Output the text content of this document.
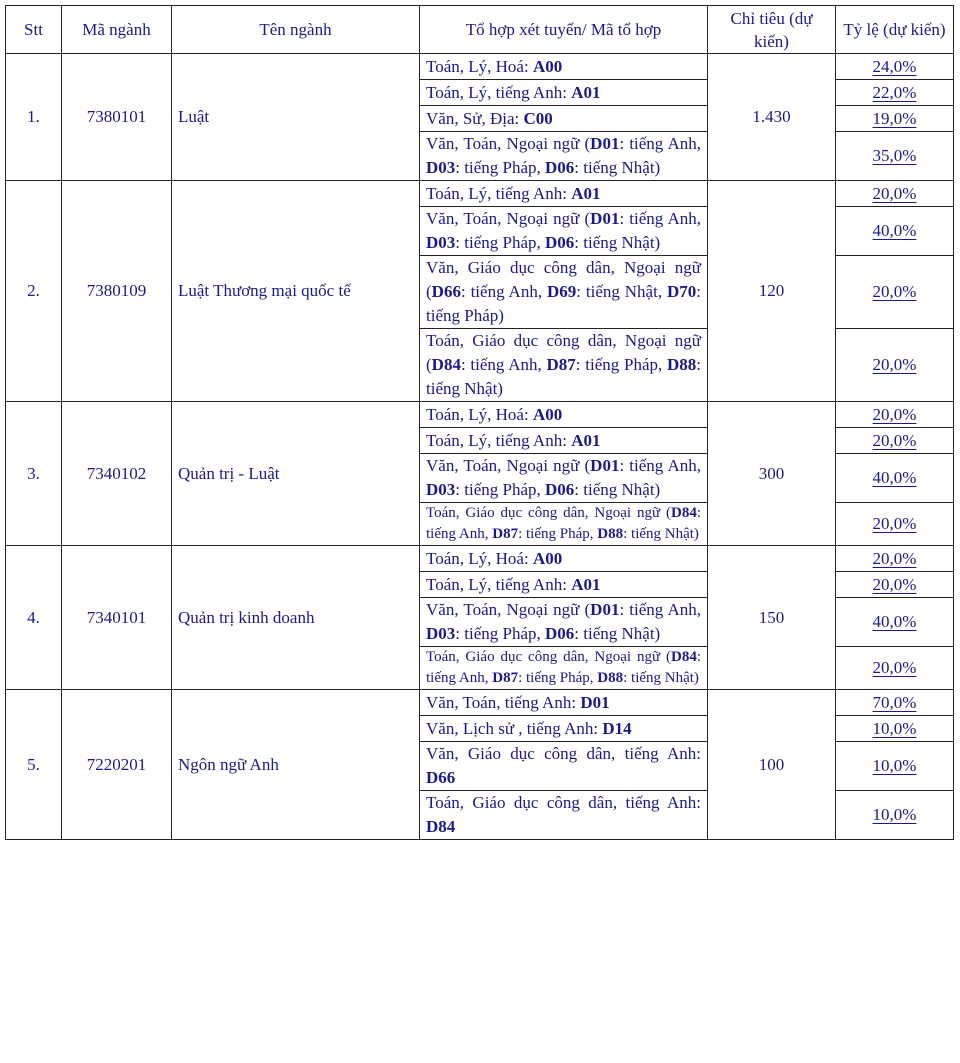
Stt	Mã ngành	Tên ngành	Tổ hợp xét tuyển/ Mã tổ hợp	Chỉ tiêu (dự kiến)	Tỷ lệ (dự kiến)
1.	7380101	Luật	Toán, Lý, Hoá: A00	1.430	24,0%
			Toán, Lý, tiếng Anh: A01		22,0%
			Văn, Sử, Địa: C00		19,0%
			Văn, Toán, Ngoại ngữ (D01: tiếng Anh, D03: tiếng Pháp, D06: tiếng Nhật)		35,0%
2.	7380109	Luật Thương mại quốc tế	Toán, Lý, tiếng Anh: A01	120	20,0%
			Văn, Toán, Ngoại ngữ (D01: tiếng Anh, D03: tiếng Pháp, D06: tiếng Nhật)		40,0%
			Văn, Giáo dục công dân, Ngoại ngữ (D66: tiếng Anh, D69: tiếng Nhật, D70: tiếng Pháp)		20,0%
			Toán, Giáo dục công dân, Ngoại ngữ (D84: tiếng Anh, D87: tiếng Pháp, D88: tiếng Nhật)		20,0%
3.	7340102	Quản trị - Luật	Toán, Lý, Hoá: A00	300	20,0%
			Toán, Lý, tiếng Anh: A01		20,0%
			Văn, Toán, Ngoại ngữ (D01: tiếng Anh, D03: tiếng Pháp, D06: tiếng Nhật)		40,0%
			Toán, Giáo dục công dân, Ngoại ngữ (D84: tiếng Anh, D87: tiếng Pháp, D88: tiếng Nhật)		20,0%
4.	7340101	Quản trị kinh doanh	Toán, Lý, Hoá: A00	150	20,0%
			Toán, Lý, tiếng Anh: A01		20,0%
			Văn, Toán, Ngoại ngữ (D01: tiếng Anh, D03: tiếng Pháp, D06: tiếng Nhật)		40,0%
			Toán, Giáo dục công dân, Ngoại ngữ (D84: tiếng Anh, D87: tiếng Pháp, D88: tiếng Nhật)		20,0%
5.	7220201	Ngôn ngữ Anh	Văn, Toán, tiếng Anh: D01	100	70,0%
			Văn, Lịch sử , tiếng Anh: D14		10,0%
			Văn, Giáo dục công dân, tiếng Anh: D66		10,0%
			Toán, Giáo dục công dân, tiếng Anh: D84		10,0%
